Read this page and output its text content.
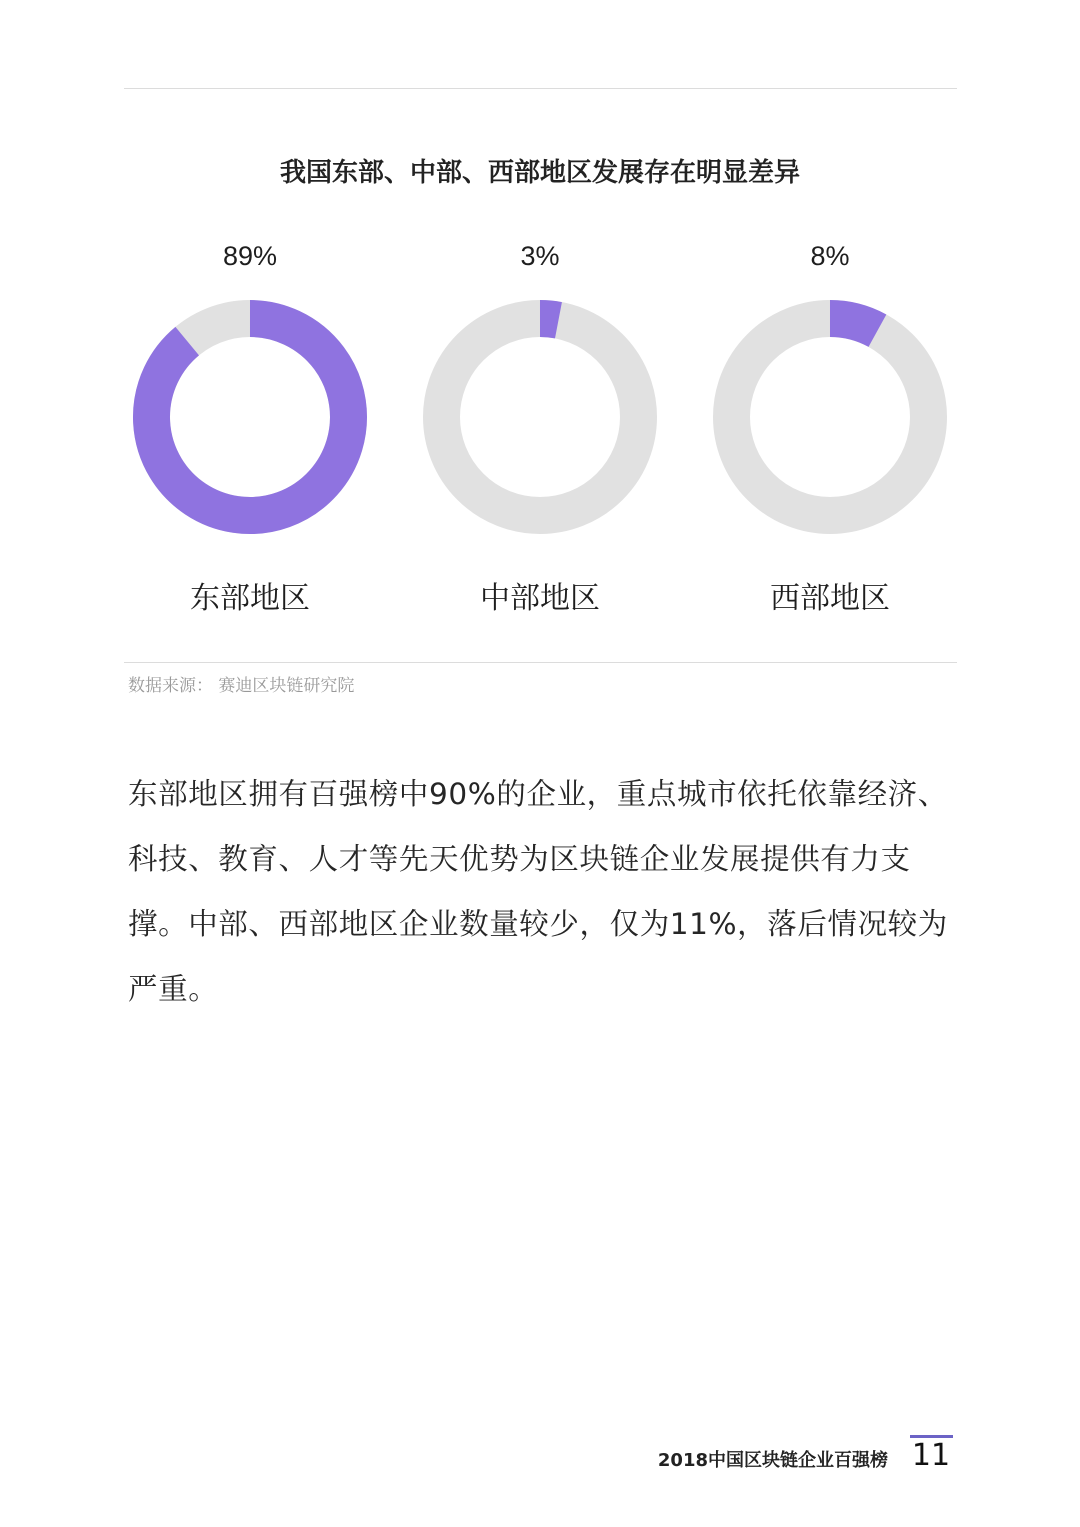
我国东部、中部、西部地区发展存在明显差异
89%
东部地区
3%
中部地区
8%
西部地区
数据来源： 赛迪区块链研究院

东部地区拥有百强榜中90%的企业，重点城市依托依靠经济、科技、教育、人才等先天优势为区块链企业发展提供有力支撑。中部、西部地区企业数量较少，仅为11%，落后情况较为严重。

2018中国区块链企业百强榜 11
